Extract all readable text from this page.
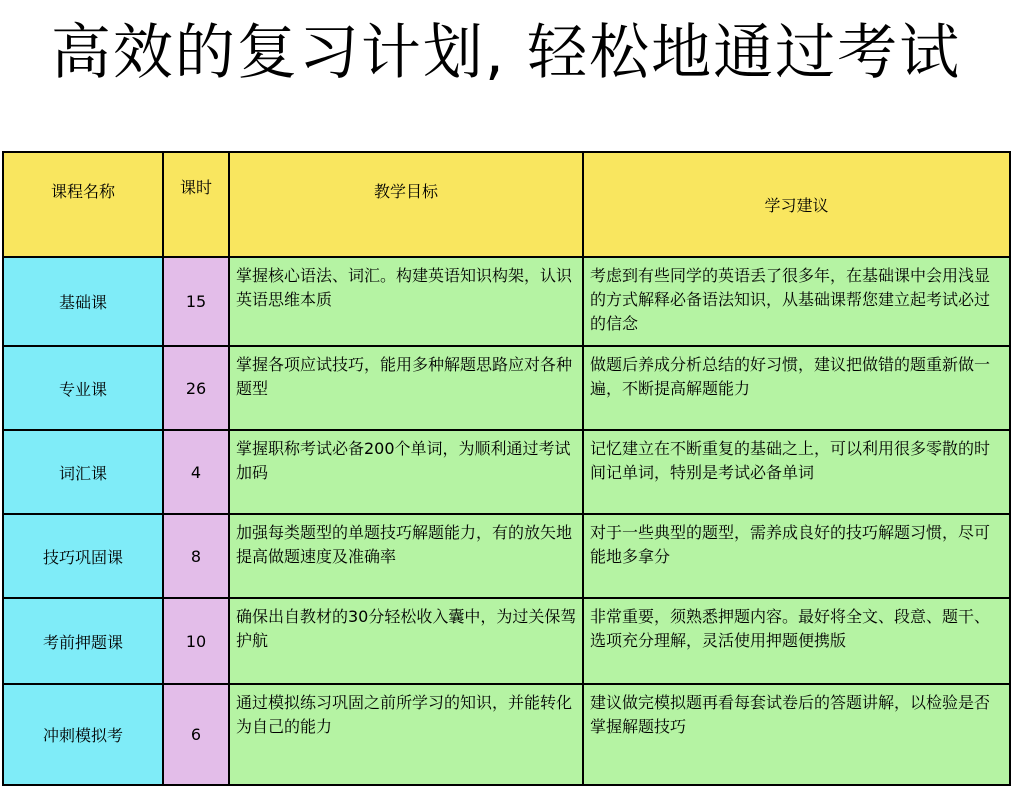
高效的复习计划, 轻松地通过考试
课程名称	课时	教学目标	学习建议
基础课	15	掌握核心语法、词汇。构建英语知识构架，认识英语思维本质	考虑到有些同学的英语丢了很多年，在基础课中会用浅显的方式解释必备语法知识，从基础课帮您建立起考试必过的信念
专业课	26	掌握各项应试技巧，能用多种解题思路应对各种题型	做题后养成分析总结的好习惯，建议把做错的题重新做一遍，不断提高解题能力
词汇课	4	掌握职称考试必备200个单词，为顺利通过考试加码	记忆建立在不断重复的基础之上，可以利用很多零散的时间记单词，特别是考试必备单词
技巧巩固课	8	加强每类题型的单题技巧解题能力，有的放矢地提高做题速度及准确率	对于一些典型的题型，需养成良好的技巧解题习惯，尽可能地多拿分
考前押题课	10	确保出自教材的30分轻松收入囊中，为过关保驾护航	非常重要，须熟悉押题内容。最好将全文、段意、题干、选项充分理解，灵活使用押题便携版
冲刺模拟考	6	通过模拟练习巩固之前所学习的知识，并能转化为自己的能力	建议做完模拟题再看每套试卷后的答题讲解，以检验是否掌握解题技巧
